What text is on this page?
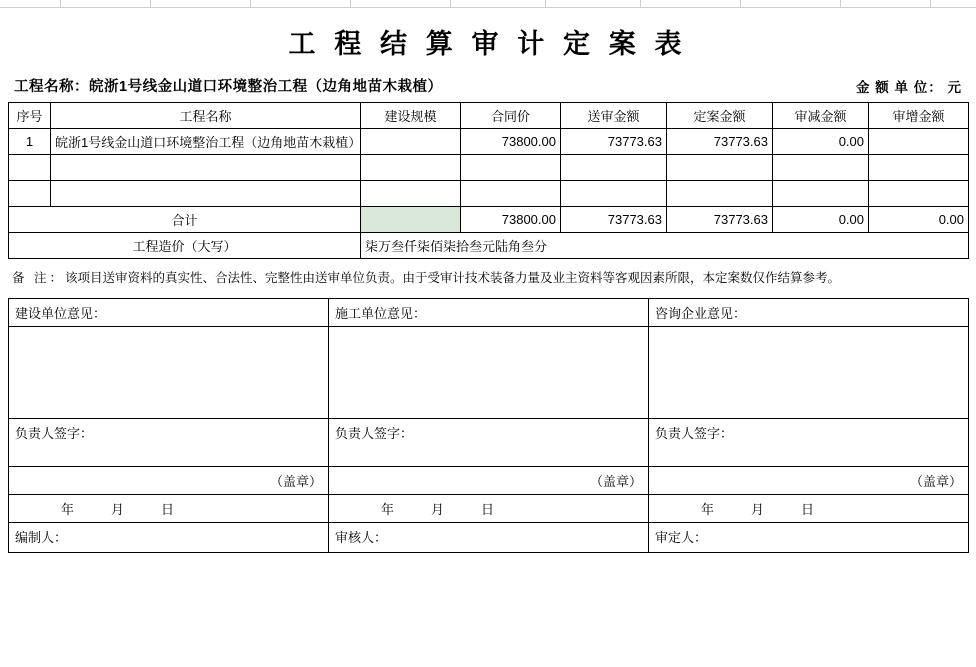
工 程 结 算 审 计 定 案 表
工程名称：皖浙1号线金山道口环境整治工程（边角地苗木栽植）	金 额 单 位： 元
序号	工程名称	建设规模	合同价	送审金额	定案金额	审减金额	审增金额
1	皖浙1号线金山道口环境整治工程（边角地苗木栽植）		73800.00	73773.63	73773.63	0.00	

合计			73800.00	73773.63	73773.63	0.00	0.00
工程造价（大写）		柒万叁仟柒佰柒拾叁元陆角叁分					
备 注：该项目送审资料的真实性、合法性、完整性由送审单位负责。由于受审计技术装备力量及业主资料等客观因素所限，本定案数仅作结算参考。
建设单位意见：	施工单位意见：	咨询企业意见：

负责人签字：	负责人签字：	负责人签字：
（盖章）	（盖章）	（盖章）

年 月 日	年 月 日	年 月 日

编制人：	审核人：	审定人：
